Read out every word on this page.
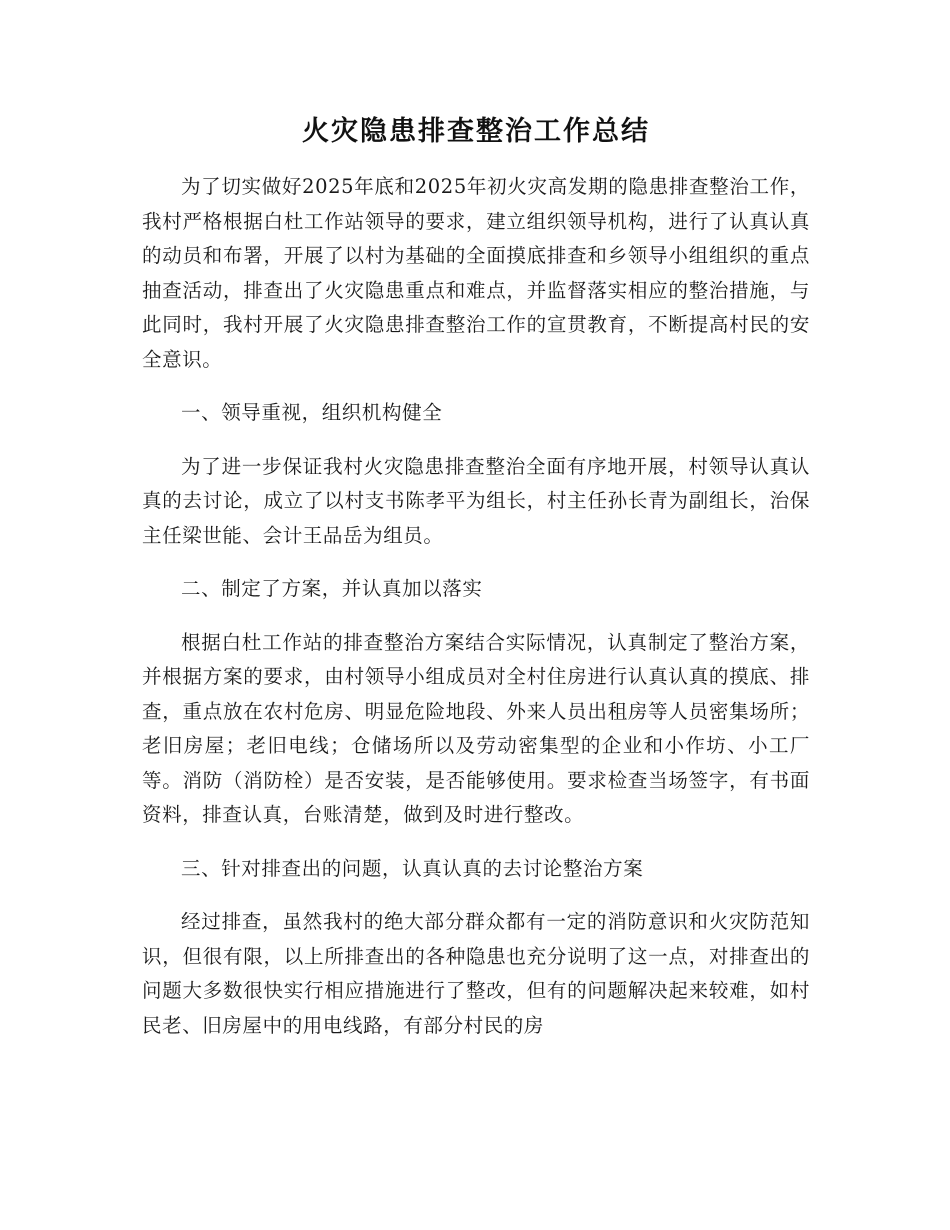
火灾隐患排查整治工作总结

为了切实做好2025年底和2025年初火灾高发期的隐患排查整治工作，我村严格根据白杜工作站领导的要求，建立组织领导机构，进行了认真认真的动员和布署，开展了以村为基础的全面摸底排查和乡领导小组组织的重点抽查活动，排查出了火灾隐患重点和难点，并监督落实相应的整治措施，与此同时，我村开展了火灾隐患排查整治工作的宣贯教育，不断提高村民的安全意识。

一、领导重视，组织机构健全

为了进一步保证我村火灾隐患排查整治全面有序地开展，村领导认真认真的去讨论，成立了以村支书陈孝平为组长，村主任孙长青为副组长，治保主任梁世能、会计王品岳为组员。

二、制定了方案，并认真加以落实

根据白杜工作站的排查整治方案结合实际情况，认真制定了整治方案，并根据方案的要求，由村领导小组成员对全村住房进行认真认真的摸底、排查，重点放在农村危房、明显危险地段、外来人员出租房等人员密集场所；老旧房屋；老旧电线；仓储场所以及劳动密集型的企业和小作坊、小工厂等。消防（消防栓）是否安装，是否能够使用。要求检查当场签字，有书面资料，排查认真，台账清楚，做到及时进行整改。

三、针对排查出的问题，认真认真的去讨论整治方案

经过排查，虽然我村的绝大部分群众都有一定的消防意识和火灾防范知识，但很有限，以上所排查出的各种隐患也充分说明了这一点，对排查出的问题大多数很快实行相应措施进行了整改，但有的问题解决起来较难，如村民老、旧房屋中的用电线路，有部分村民的房
